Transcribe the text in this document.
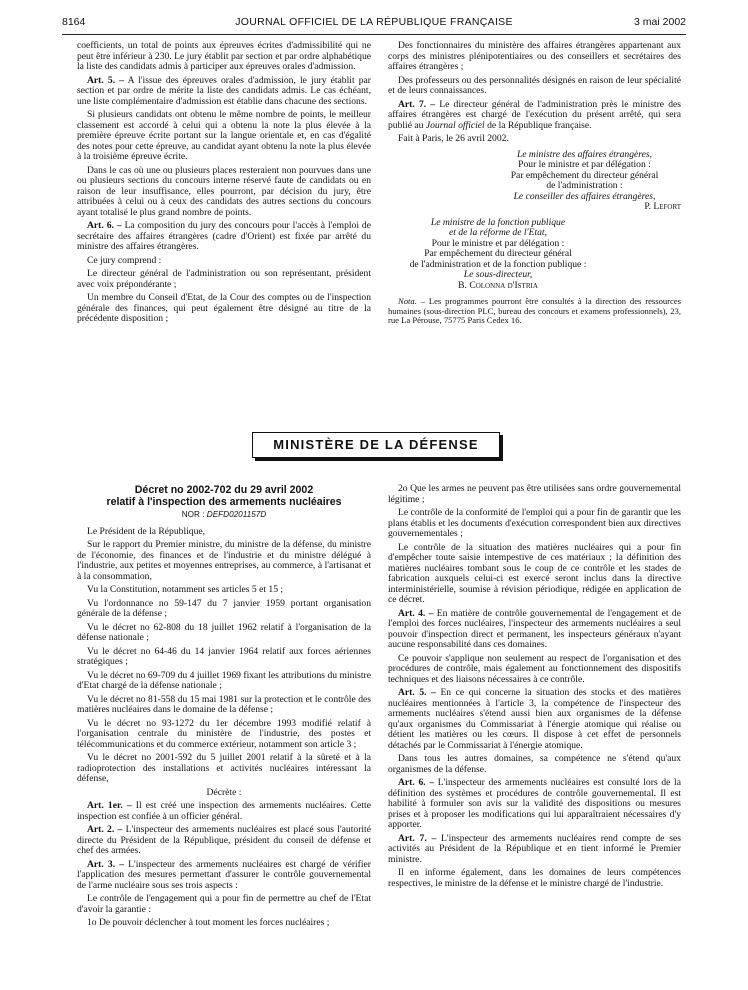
8164	JOURNAL OFFICIEL DE LA RÉPUBLIQUE FRANÇAISE	3 mai 2002

coefficients, un total de points aux épreuves écrites d'admissibilité qui ne peut être inférieur à 230. Le jury établit par section et par ordre alphabétique la liste des candidats admis à participer aux épreuves orales d'admission.

Art. 5. – A l'issue des épreuves orales d'admission, le jury établit par section et par ordre de mérite la liste des candidats admis. Le cas échéant, une liste complémentaire d'admission est établie dans chacune des sections.

Si plusieurs candidats ont obtenu le même nombre de points, le meilleur classement est accordé à celui qui a obtenu la note la plus élevée à la première épreuve écrite portant sur la langue orientale et, en cas d'égalité des notes pour cette épreuve, au candidat ayant obtenu la note la plus élevée à la troisième épreuve écrite.

Dans le cas où une ou plusieurs places resteraient non pourvues dans une ou plusieurs sections du concours interne réservé faute de candidats ou en raison de leur insuffisance, elles pourront, par décision du jury, être attribuées à celui ou à ceux des candidats des autres sections du concours ayant totalisé le plus grand nombre de points.

Art. 6. – La composition du jury des concours pour l'accès à l'emploi de secrétaire des affaires étrangères (cadre d'Orient) est fixée par arrêté du ministre des affaires étrangères.

Ce jury comprend :

Le directeur général de l'administration ou son représentant, président avec voix prépondérante ;

Un membre du Conseil d'Etat, de la Cour des comptes ou de l'inspection générale des finances, qui peut également être désigné au titre de la précédente disposition ;

Des fonctionnaires du ministère des affaires étrangères appartenant aux corps des ministres plénipotentiaires ou des conseillers et secrétaires des affaires étrangères ;

Des professeurs ou des personnalités désignés en raison de leur spécialité et de leurs connaissances.

Art. 7. – Le directeur général de l'administration près le ministre des affaires étrangères est chargé de l'exécution du présent arrêté, qui sera publié au Journal officiel de la République française.

Fait à Paris, le 26 avril 2002.

Le ministre des affaires étrangères,
Pour le ministre et par délégation :
Par empêchement du directeur général
de l'administration :
Le conseiller des affaires étrangères,
P. Lefort
Le ministre de la fonction publique
et de la réforme de l'Etat,
Pour le ministre et par délégation :
Par empêchement du directeur général
de l'administration et de la fonction publique :
Le sous-directeur,
B. Colonna d'Istria

Nota. – Les programmes pourront être consultés à la direction des ressources humaines (sous-direction PLC, bureau des concours et examens professionnels), 23, rue La Pérouse, 75775 Paris Cedex 16.

MINISTÈRE DE LA DÉFENSE
Décret no 2002-702 du 29 avril 2002
relatif à l'inspection des armements nucléaires
NOR : DEFD0201157D

Le Président de la République,

Sur le rapport du Premier ministre, du ministre de la défense, du ministre de l'économie, des finances et de l'industrie et du ministre délégué à l'industrie, aux petites et moyennes entreprises, au commerce, à l'artisanat et à la consommation,

Vu la Constitution, notamment ses articles 5 et 15 ;

Vu l'ordonnance no 59-147 du 7 janvier 1959 portant organisation générale de la défense ;

Vu le décret no 62-808 du 18 juillet 1962 relatif à l'organisation de la défense nationale ;

Vu le décret no 64-46 du 14 janvier 1964 relatif aux forces aériennes stratégiques ;

Vu le décret no 69-709 du 4 juillet 1969 fixant les attributions du ministre d'Etat chargé de la défense nationale ;

Vu le décret no 81-558 du 15 mai 1981 sur la protection et le contrôle des matières nucléaires dans le domaine de la défense ;

Vu le décret no 93-1272 du 1er décembre 1993 modifié relatif à l'organisation centrale du ministère de l'industrie, des postes et télécommunications et du commerce extérieur, notamment son article 3 ;

Vu le décret no 2001-592 du 5 juillet 2001 relatif à la sûreté et à la radioprotection des installations et activités nucléaires intéressant la défense,

Décrète :

Art. 1er. – Il est créé une inspection des armements nucléaires. Cette inspection est confiée à un officier général.

Art. 2. – L'inspecteur des armements nucléaires est placé sous l'autorité directe du Président de la République, président du conseil de défense et chef des armées.

Art. 3. – L'inspecteur des armements nucléaires est chargé de vérifier l'application des mesures permettant d'assurer le contrôle gouvernemental de l'arme nucléaire sous ses trois aspects :

Le contrôle de l'engagement qui a pour fin de permettre au chef de l'Etat d'avoir la garantie :

1o De pouvoir déclencher à tout moment les forces nucléaires ;

2o Que les armes ne peuvent pas être utilisées sans ordre gouvernemental légitime ;

Le contrôle de la conformité de l'emploi qui a pour fin de garantir que les plans établis et les documents d'exécution correspondent bien aux directives gouvernementales ;

Le contrôle de la situation des matières nucléaires qui a pour fin d'empêcher toute saisie intempestive de ces matériaux ; la définition des matières nucléaires tombant sous le coup de ce contrôle et les stades de fabrication auxquels celui-ci est exercé seront inclus dans la directive interministérielle, soumise à révision périodique, rédigée en application de ce décret.

Art. 4. – En matière de contrôle gouvernemental de l'engagement et de l'emploi des forces nucléaires, l'inspecteur des armements nucléaires a seul pouvoir d'inspection direct et permanent, les inspecteurs généraux n'ayant aucune responsabilité dans ces domaines.

Ce pouvoir s'applique non seulement au respect de l'organisation et des procédures de contrôle, mais également au fonctionnement des dispositifs techniques et des liaisons nécessaires à ce contrôle.

Art. 5. – En ce qui concerne la situation des stocks et des matières nucléaires mentionnées à l'article 3, la compétence de l'inspecteur des armements nucléaires s'étend aussi bien aux organismes de la défense qu'aux organismes du Commissariat à l'énergie atomique qui réalise ou détient les matières ou les cœurs. Il dispose à cet effet de personnels détachés par le Commissariat à l'énergie atomique.

Dans tous les autres domaines, sa compétence ne s'étend qu'aux organismes de la défense.

Art. 6. – L'inspecteur des armements nucléaires est consulté lors de la définition des systèmes et procédures de contrôle gouvernemental. Il est habilité à formuler son avis sur la validité des dispositions ou mesures prises et à proposer les modifications qui lui apparaîtraient nécessaires d'y apporter.

Art. 7. – L'inspecteur des armements nucléaires rend compte de ses activités au Président de la République et en tient informé le Premier ministre.

Il en informe également, dans les domaines de leurs compétences respectives, le ministre de la défense et le ministre chargé de l'industrie.
